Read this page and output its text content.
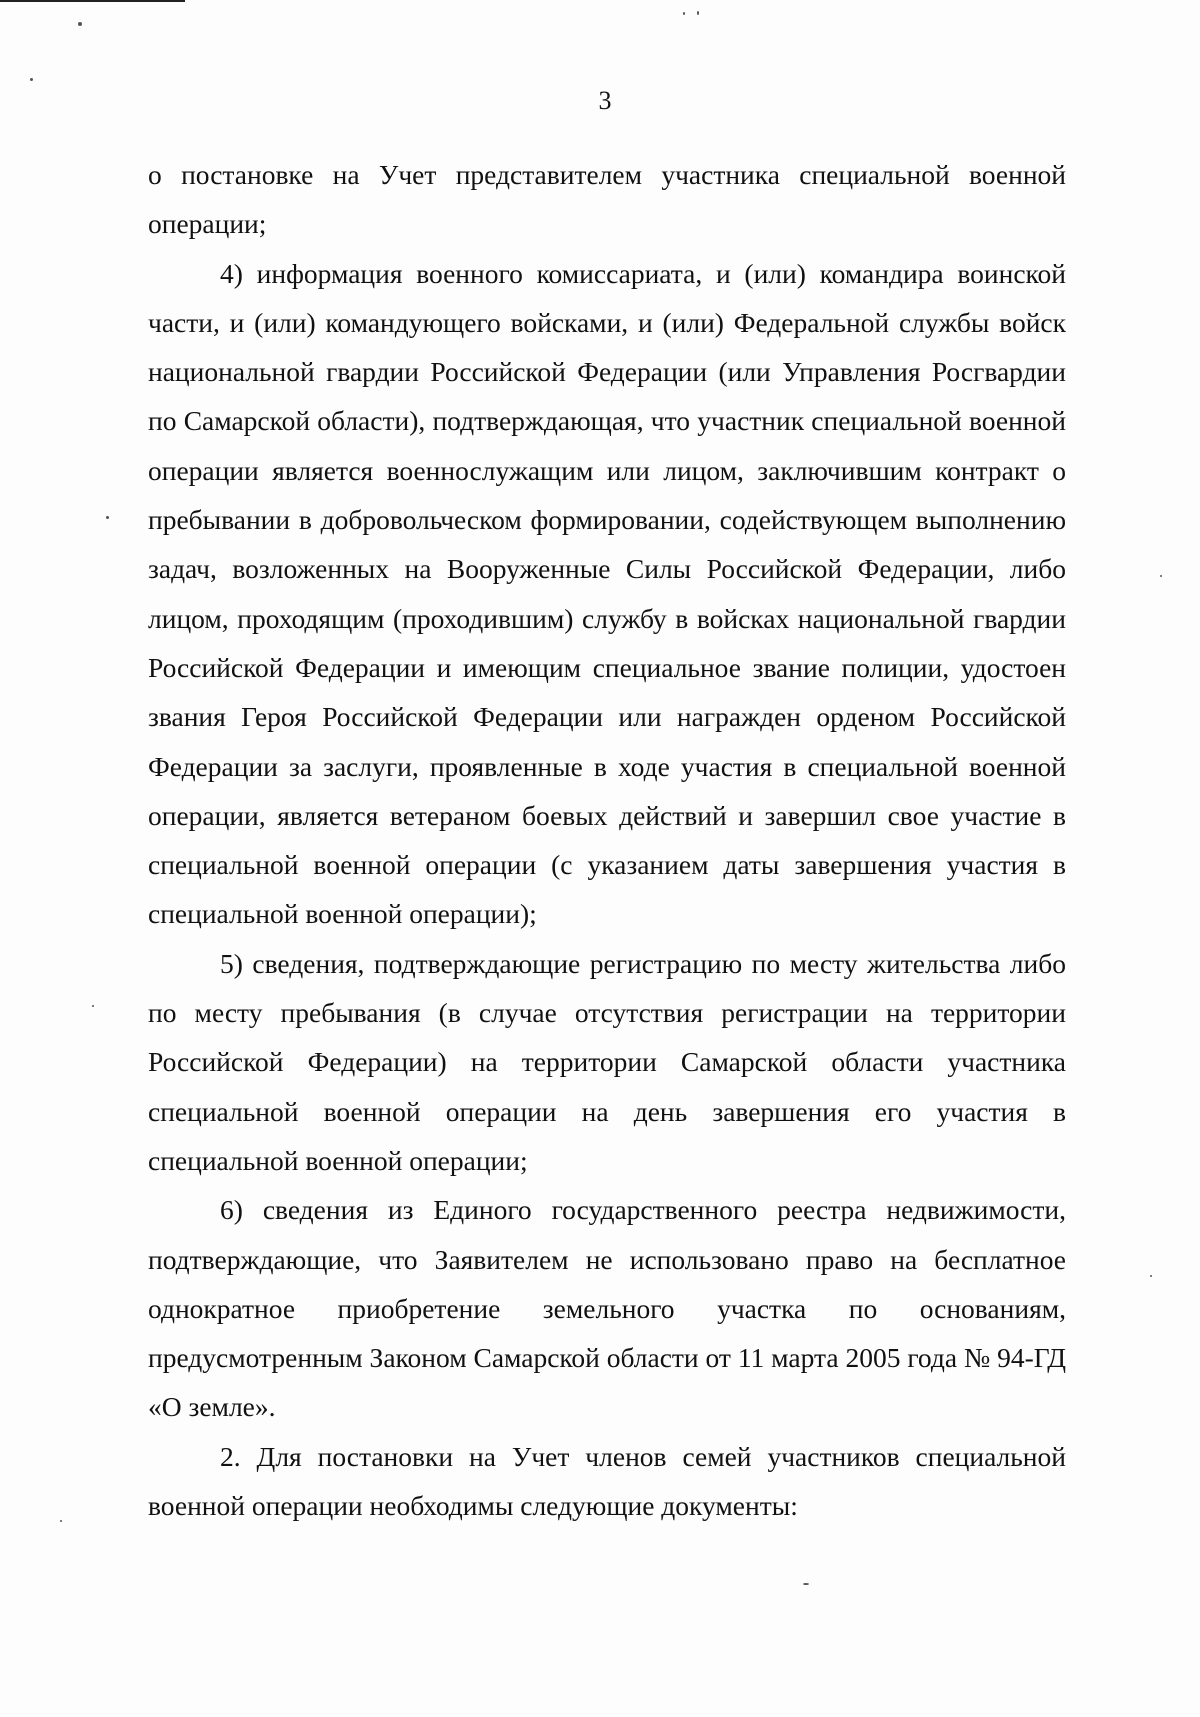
3

о постановке на Учет представителем участника специальной военной операции;

4) информация военного комиссариата, и (или) командира воинской части, и (или) командующего войсками, и (или) Федеральной службы войск национальной гвардии Российской Федерации (или Управления Росгвардии по Самарской области), подтверждающая, что участник специальной военной операции является военнослужащим или лицом, заключившим контракт о пребывании в добровольческом формировании, содействующем выполнению задач, возложенных на Вооруженные Силы Российской Федерации, либо лицом, проходящим (проходившим) службу в войсках национальной гвардии Российской Федерации и имеющим специальное звание полиции, удостоен звания Героя Российской Федерации или награжден орденом Российской Федерации за заслуги, проявленные в ходе участия в специальной военной операции, является ветераном боевых действий и завершил свое участие в специальной военной операции (с указанием даты завершения участия в специальной военной операции);

5) сведения, подтверждающие регистрацию по месту жительства либо по месту пребывания (в случае отсутствия регистрации на территории Российской Федерации) на территории Самарской области участника специальной военной операции на день завершения его участия в специальной военной операции;

6) сведения из Единого государственного реестра недвижимости, подтверждающие, что Заявителем не использовано право на бесплатное однократное приобретение земельного участка по основаниям, предусмотренным Законом Самарской области от 11 марта 2005 года № 94-ГД «О земле».

2. Для постановки на Учет членов семей участников специальной военной операции необходимы следующие документы:
